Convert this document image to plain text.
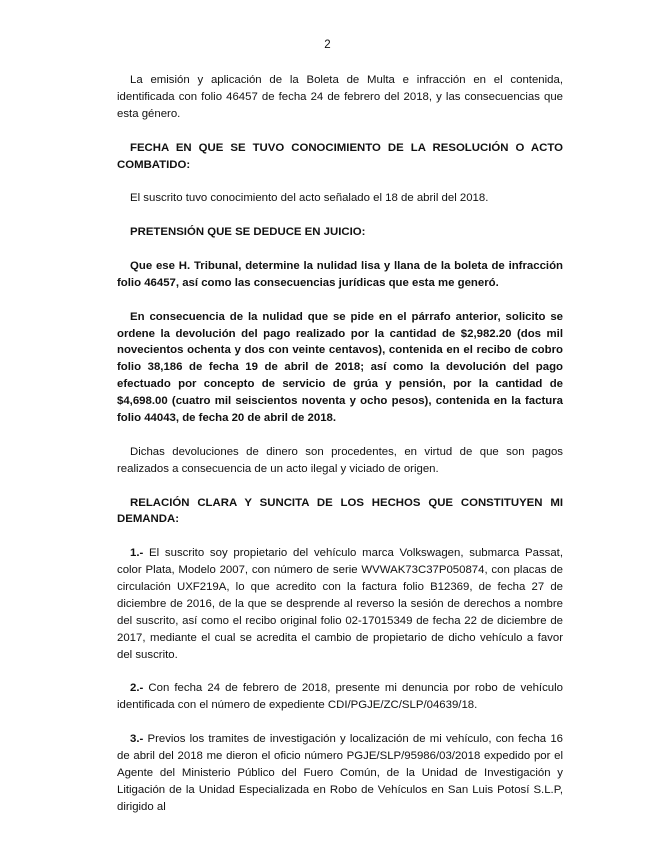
2

La emisión y aplicación de la Boleta de Multa e infracción en el contenida, identificada con folio 46457 de fecha 24 de febrero del 2018, y las consecuencias que esta género.

FECHA EN QUE SE TUVO CONOCIMIENTO DE LA RESOLUCIÓN O ACTO COMBATIDO:

El suscrito tuvo conocimiento del acto señalado el 18 de abril del 2018.

PRETENSIÓN QUE SE DEDUCE EN JUICIO:

Que ese H. Tribunal, determine la nulidad lisa y llana de la boleta de infracción folio 46457, así como las consecuencias jurídicas que esta me generó.

En consecuencia de la nulidad que se pide en el párrafo anterior, solicito se ordene la devolución del pago realizado por la cantidad de $2,982.20 (dos mil novecientos ochenta y dos con veinte centavos), contenida en el recibo de cobro folio 38,186 de fecha 19 de abril de 2018; así como la devolución del pago efectuado por concepto de servicio de grúa y pensión, por la cantidad de $4,698.00 (cuatro mil seiscientos noventa y ocho pesos), contenida en la factura folio 44043, de fecha 20 de abril de 2018.

Dichas devoluciones de dinero son procedentes, en virtud de que son pagos realizados a consecuencia de un acto ilegal y viciado de origen.

RELACIÓN CLARA Y SUNCITA DE LOS HECHOS QUE CONSTITUYEN MI DEMANDA:

1.- El suscrito soy propietario del vehículo marca Volkswagen, submarca Passat, color Plata, Modelo 2007, con número de serie WVWAK73C37P050874, con placas de circulación UXF219A, lo que acredito con la factura folio B12369, de fecha 27 de diciembre de 2016, de la que se desprende al reverso la sesión de derechos a nombre del suscrito, así como el recibo original folio 02-17015349 de fecha 22 de diciembre de 2017, mediante el cual se acredita el cambio de propietario de dicho vehículo a favor del suscrito.

2.- Con fecha 24 de febrero de 2018, presente mi denuncia por robo de vehículo identificada con el número de expediente CDI/PGJE/ZC/SLP/04639/18.

3.- Previos los tramites de investigación y localización de mi vehículo, con fecha 16 de abril del 2018 me dieron el oficio número PGJE/SLP/95986/03/2018 expedido por el Agente del Ministerio Público del Fuero Común, de la Unidad de Investigación y Litigación de la Unidad Especializada en Robo de Vehículos en San Luis Potosí S.L.P, dirigido al
